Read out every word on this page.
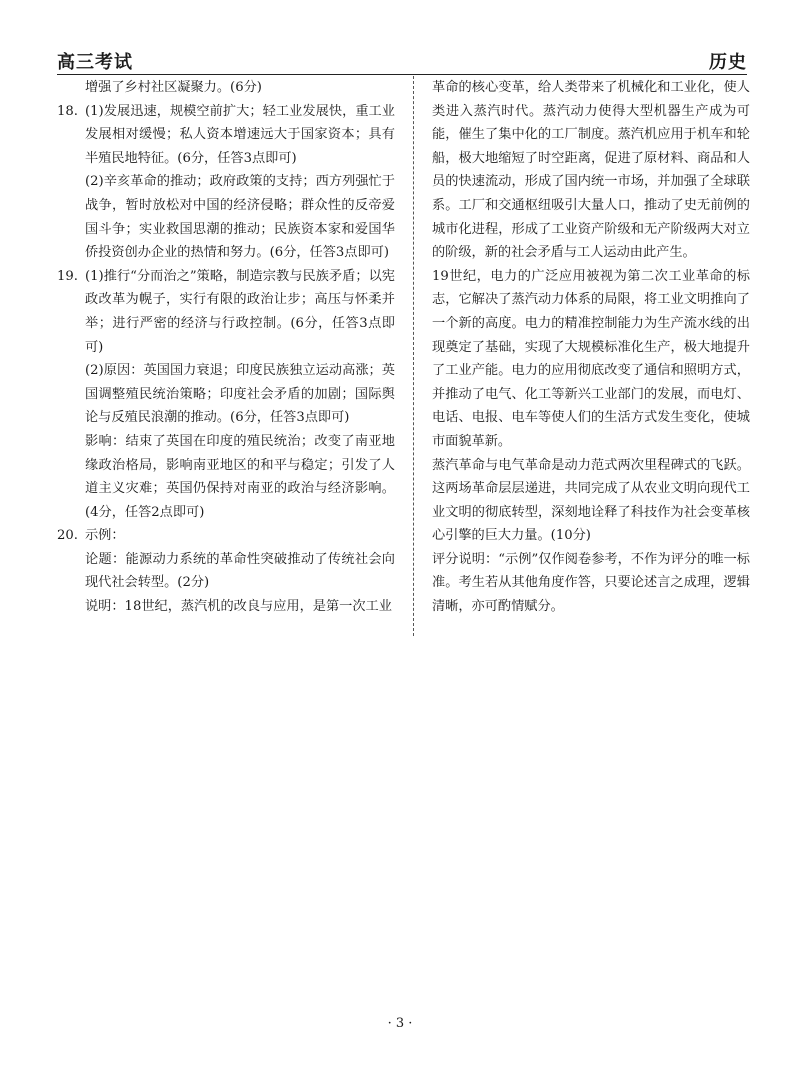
高三考试	历史

增强了乡村社区凝聚力。(6分)

18. (1)发展迅速，规模空前扩大；轻工业发展快，重工业发展相对缓慢；私人资本增速远大于国家资本；具有半殖民地特征。(6分，任答3点即可)

(2)辛亥革命的推动；政府政策的支持；西方列强忙于战争，暂时放松对中国的经济侵略；群众性的反帝爱国斗争；实业救国思潮的推动；民族资本家和爱国华侨投资创办企业的热情和努力。(6分，任答3点即可)

19. (1)推行“分而治之”策略，制造宗教与民族矛盾；以宪政改革为幌子，实行有限的政治让步；高压与怀柔并举；进行严密的经济与行政控制。(6分，任答3点即可)

(2)原因：英国国力衰退；印度民族独立运动高涨；英国调整殖民统治策略；印度社会矛盾的加剧；国际舆论与反殖民浪潮的推动。(6分，任答3点即可)

影响：结束了英国在印度的殖民统治；改变了南亚地缘政治格局，影响南亚地区的和平与稳定；引发了人道主义灾难；英国仍保持对南亚的政治与经济影响。(4分，任答2点即可)

20. 示例：

论题：能源动力系统的革命性突破推动了传统社会向现代社会转型。(2分)

说明：18世纪，蒸汽机的改良与应用，是第一次工业

革命的核心变革，给人类带来了机械化和工业化，使人类进入蒸汽时代。蒸汽动力使得大型机器生产成为可能，催生了集中化的工厂制度。蒸汽机应用于机车和轮船，极大地缩短了时空距离，促进了原材料、商品和人员的快速流动，形成了国内统一市场，并加强了全球联系。工厂和交通枢纽吸引大量人口，推动了史无前例的城市化进程，形成了工业资产阶级和无产阶级两大对立的阶级，新的社会矛盾与工人运动由此产生。

19世纪，电力的广泛应用被视为第二次工业革命的标志，它解决了蒸汽动力体系的局限，将工业文明推向了一个新的高度。电力的精准控制能力为生产流水线的出现奠定了基础，实现了大规模标准化生产，极大地提升了工业产能。电力的应用彻底改变了通信和照明方式，并推动了电气、化工等新兴工业部门的发展，而电灯、电话、电报、电车等使人们的生活方式发生变化，使城市面貌革新。

蒸汽革命与电气革命是动力范式两次里程碑式的飞跃。这两场革命层层递进，共同完成了从农业文明向现代工业文明的彻底转型，深刻地诠释了科技作为社会变革核心引擎的巨大力量。(10分)

评分说明：“示例”仅作阅卷参考，不作为评分的唯一标准。考生若从其他角度作答，只要论述言之成理，逻辑清晰，亦可酌情赋分。

· 3 ·
